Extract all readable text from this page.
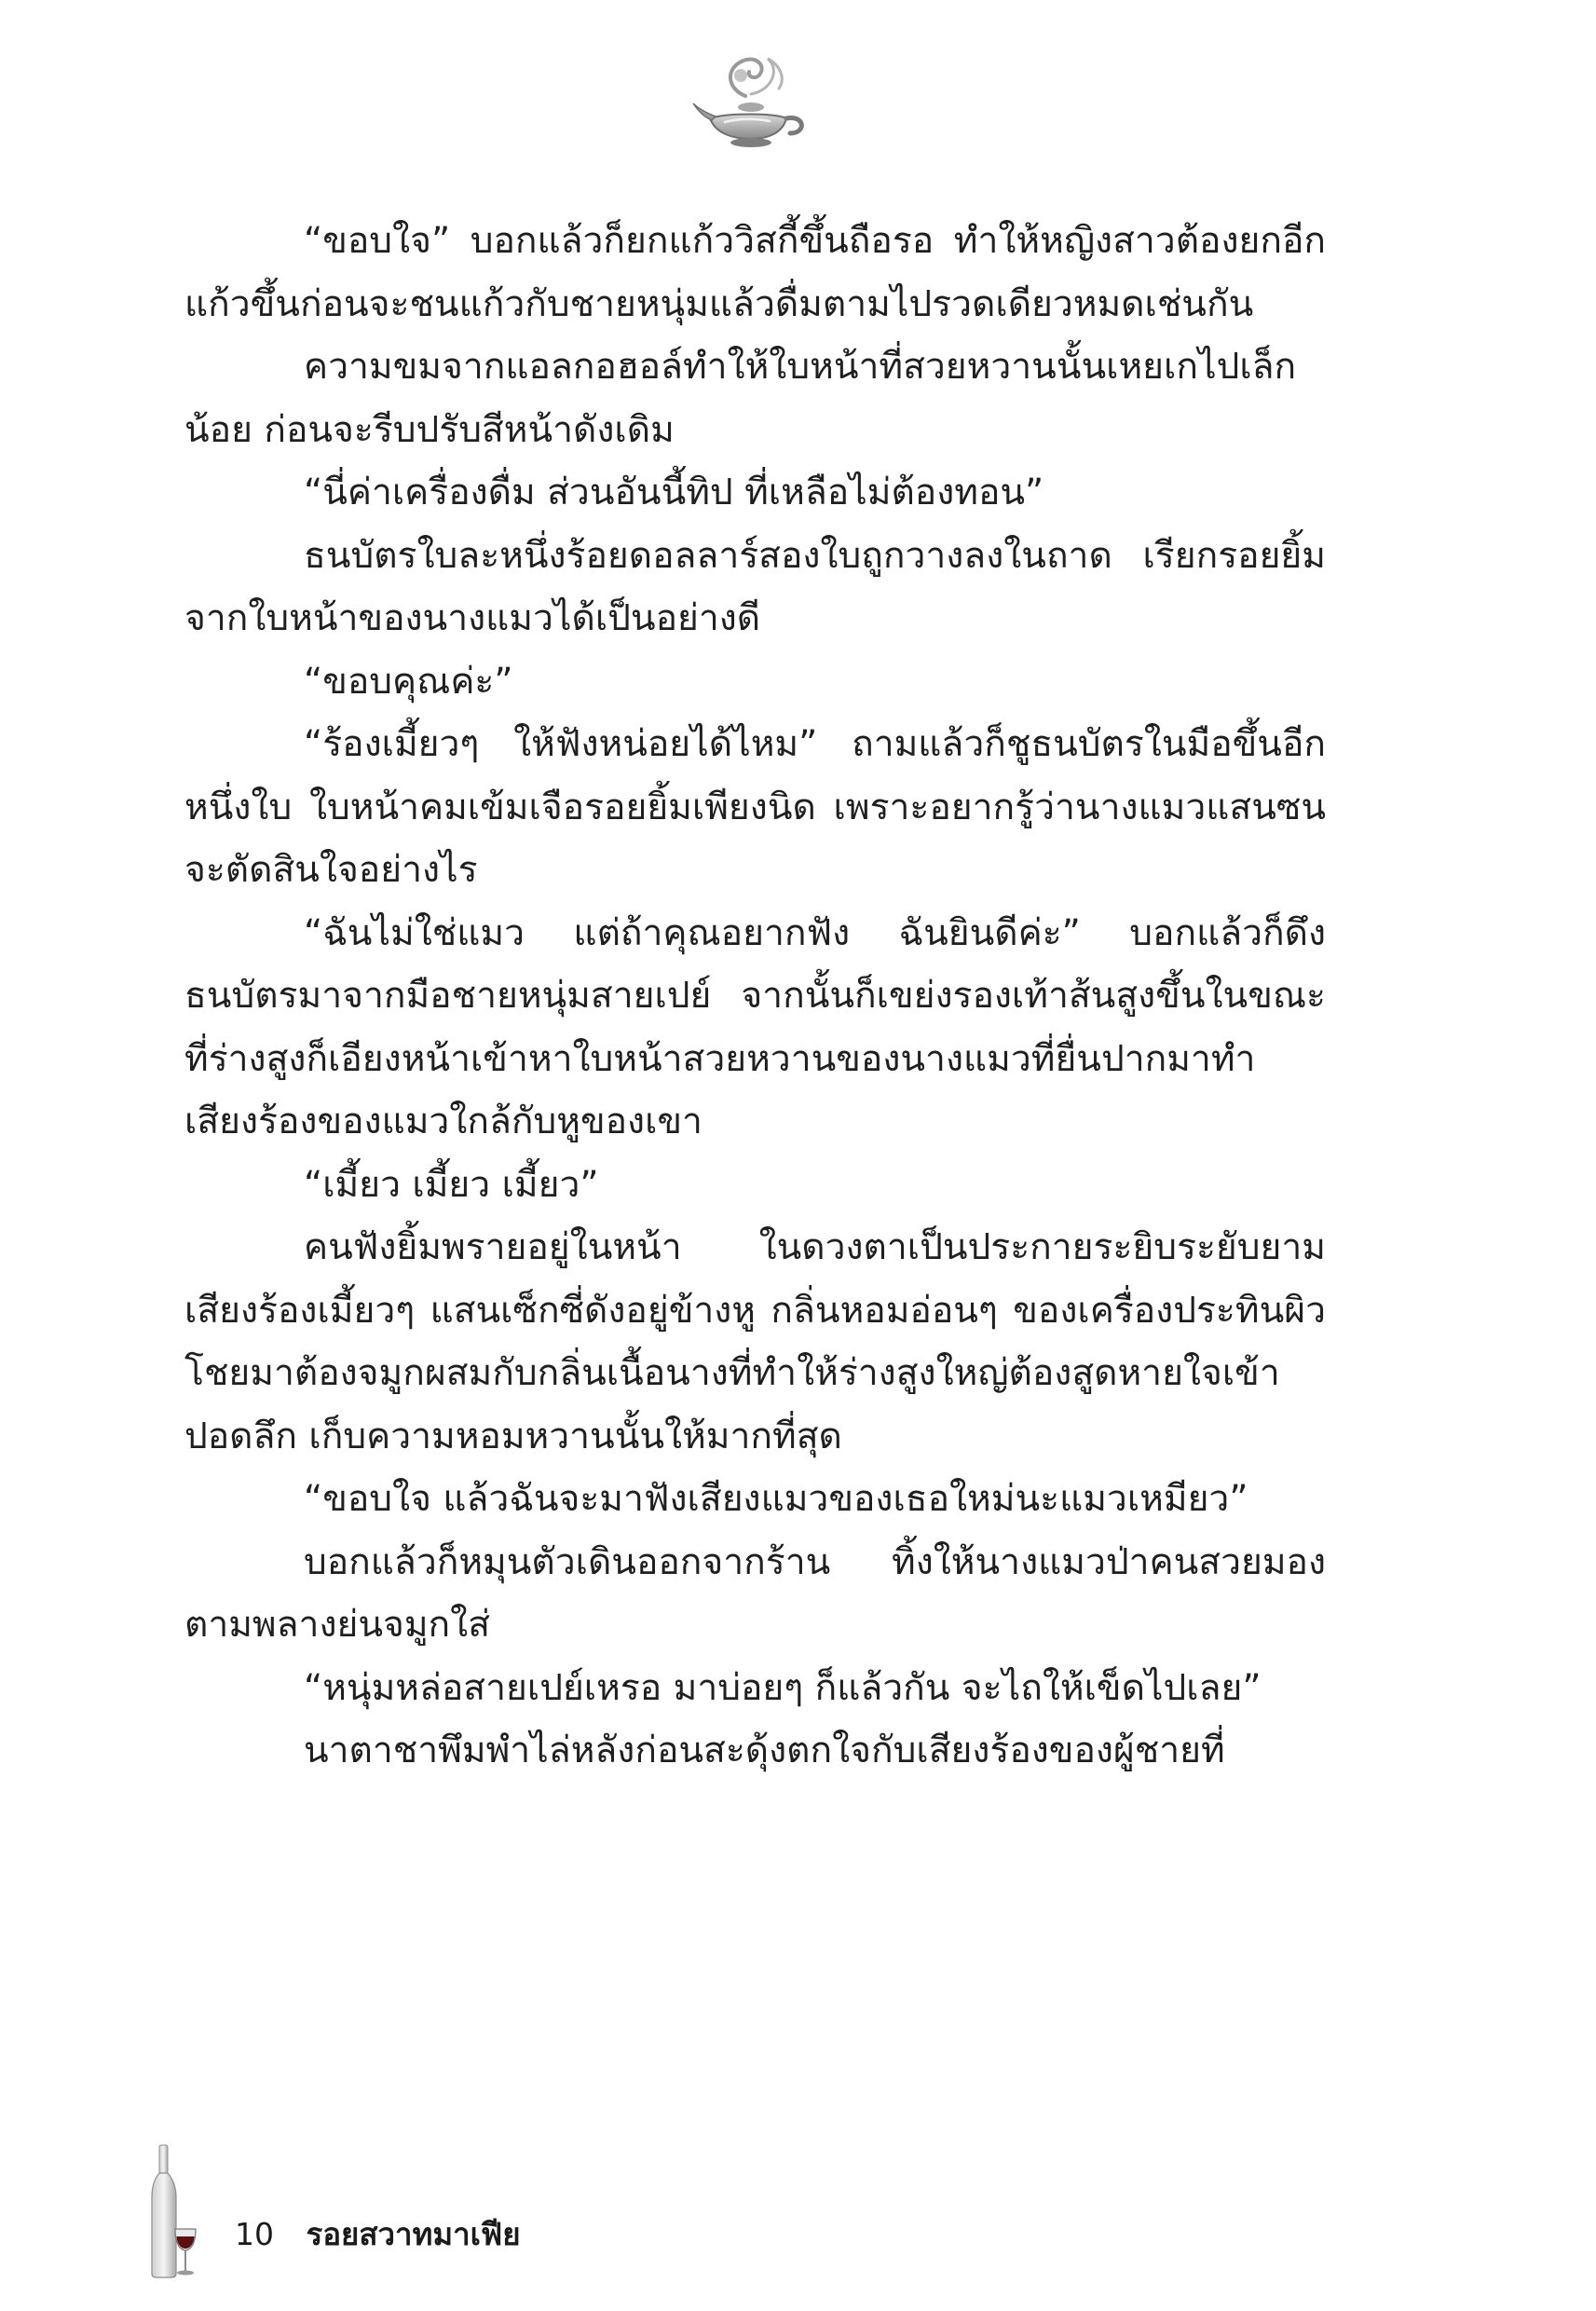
“ขอบใจ” บอกแล้วก็ยกแก้ววิสกี้ขึ้นถือรอ ทำให้หญิงสาวต้องยกอีกแก้วขึ้นก่อนจะชนแก้วกับชายหนุ่มแล้วดื่มตามไปรวดเดียวหมดเช่นกัน

ความขมจากแอลกอฮอล์ทำให้ใบหน้าที่สวยหวานนั้นเหยเกไปเล็กน้อย ก่อนจะรีบปรับสีหน้าดังเดิม

“นี่ค่าเครื่องดื่ม ส่วนอันนี้ทิป ที่เหลือไม่ต้องทอน”

ธนบัตรใบละหนึ่งร้อยดอลลาร์สองใบถูกวางลงในถาด เรียกรอยยิ้มจากใบหน้าของนางแมวได้เป็นอย่างดี

“ขอบคุณค่ะ”

“ร้องเมี้ยวๆ ให้ฟังหน่อยได้ไหม” ถามแล้วก็ชูธนบัตรในมือขึ้นอีกหนึ่งใบ ใบหน้าคมเข้มเจือรอยยิ้มเพียงนิด เพราะอยากรู้ว่านางแมวแสนซนจะตัดสินใจอย่างไร

“ฉันไม่ใช่แมว แต่ถ้าคุณอยากฟัง ฉันยินดีค่ะ” บอกแล้วก็ดึงธนบัตรมาจากมือชายหนุ่มสายเปย์ จากนั้นก็เขย่งรองเท้าส้นสูงขึ้นในขณะที่ร่างสูงก็เอียงหน้าเข้าหาใบหน้าสวยหวานของนางแมวที่ยื่นปากมาทำเสียงร้องของแมวใกล้กับหูของเขา

“เมี้ยว เมี้ยว เมี้ยว”

คนฟังยิ้มพรายอยู่ในหน้า ในดวงตาเป็นประกายระยิบระยับยามเสียงร้องเมี้ยวๆ แสนเซ็กซี่ดังอยู่ข้างหู กลิ่นหอมอ่อนๆ ของเครื่องประทินผิวโชยมาต้องจมูกผสมกับกลิ่นเนื้อนางที่ทำให้ร่างสูงใหญ่ต้องสูดหายใจเข้าปอดลึก เก็บความหอมหวานนั้นให้มากที่สุด

“ขอบใจ แล้วฉันจะมาฟังเสียงแมวของเธอใหม่นะแมวเหมียว”

บอกแล้วก็หมุนตัวเดินออกจากร้าน ทิ้งให้นางแมวป่าคนสวยมองตามพลางย่นจมูกใส่

“หนุ่มหล่อสายเปย์เหรอ มาบ่อยๆ ก็แล้วกัน จะไถให้เข็ดไปเลย”

นาตาชาพึมพำไล่หลังก่อนสะดุ้งตกใจกับเสียงร้องของผู้ชายที่

10 รอยสวาทมาเฟีย
